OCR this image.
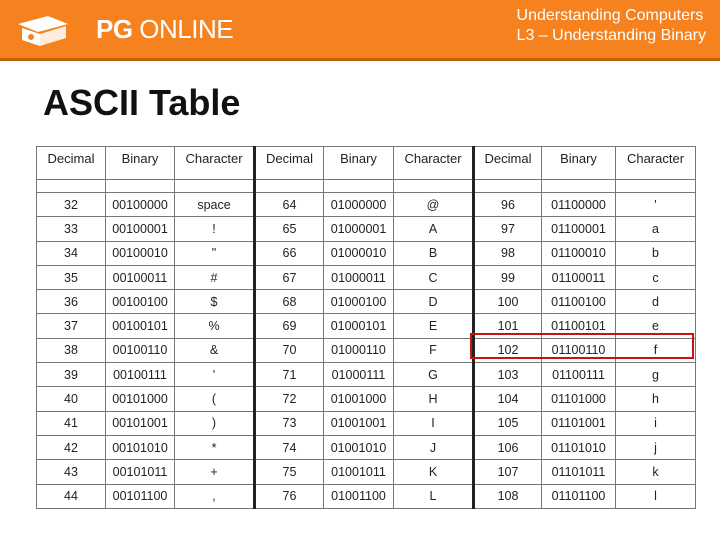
PG ONLINE	Understanding Computers
L3 – Understanding Binary
ASCII Table
Decimal	Binary	Character	Decimal	Binary	Character	Decimal	Binary	Character

32	00100000	space	64	01000000	@	96	01100000	'
33	00100001	!	65	01000001	A	97	01100001	a
34	00100010	"	66	01000010	B	98	01100010	b
35	00100011	#	67	01000011	C	99	01100011	c
36	00100100	$	68	01000100	D	100	01100100	d
37	00100101	%	69	01000101	E	101	01100101	e
38	00100110	&	70	01000110	F	102	01100110	f
39	00100111	'	71	01000111	G	103	01100111	g
40	00101000	(	72	01001000	H	104	01101000	h
41	00101001	)	73	01001001	I	105	01101001	i
42	00101010	*	74	01001010	J	106	01101010	j
43	00101011	+	75	01001011	K	107	01101011	k
44	00101100	,	76	01001100	L	108	01101100	l
